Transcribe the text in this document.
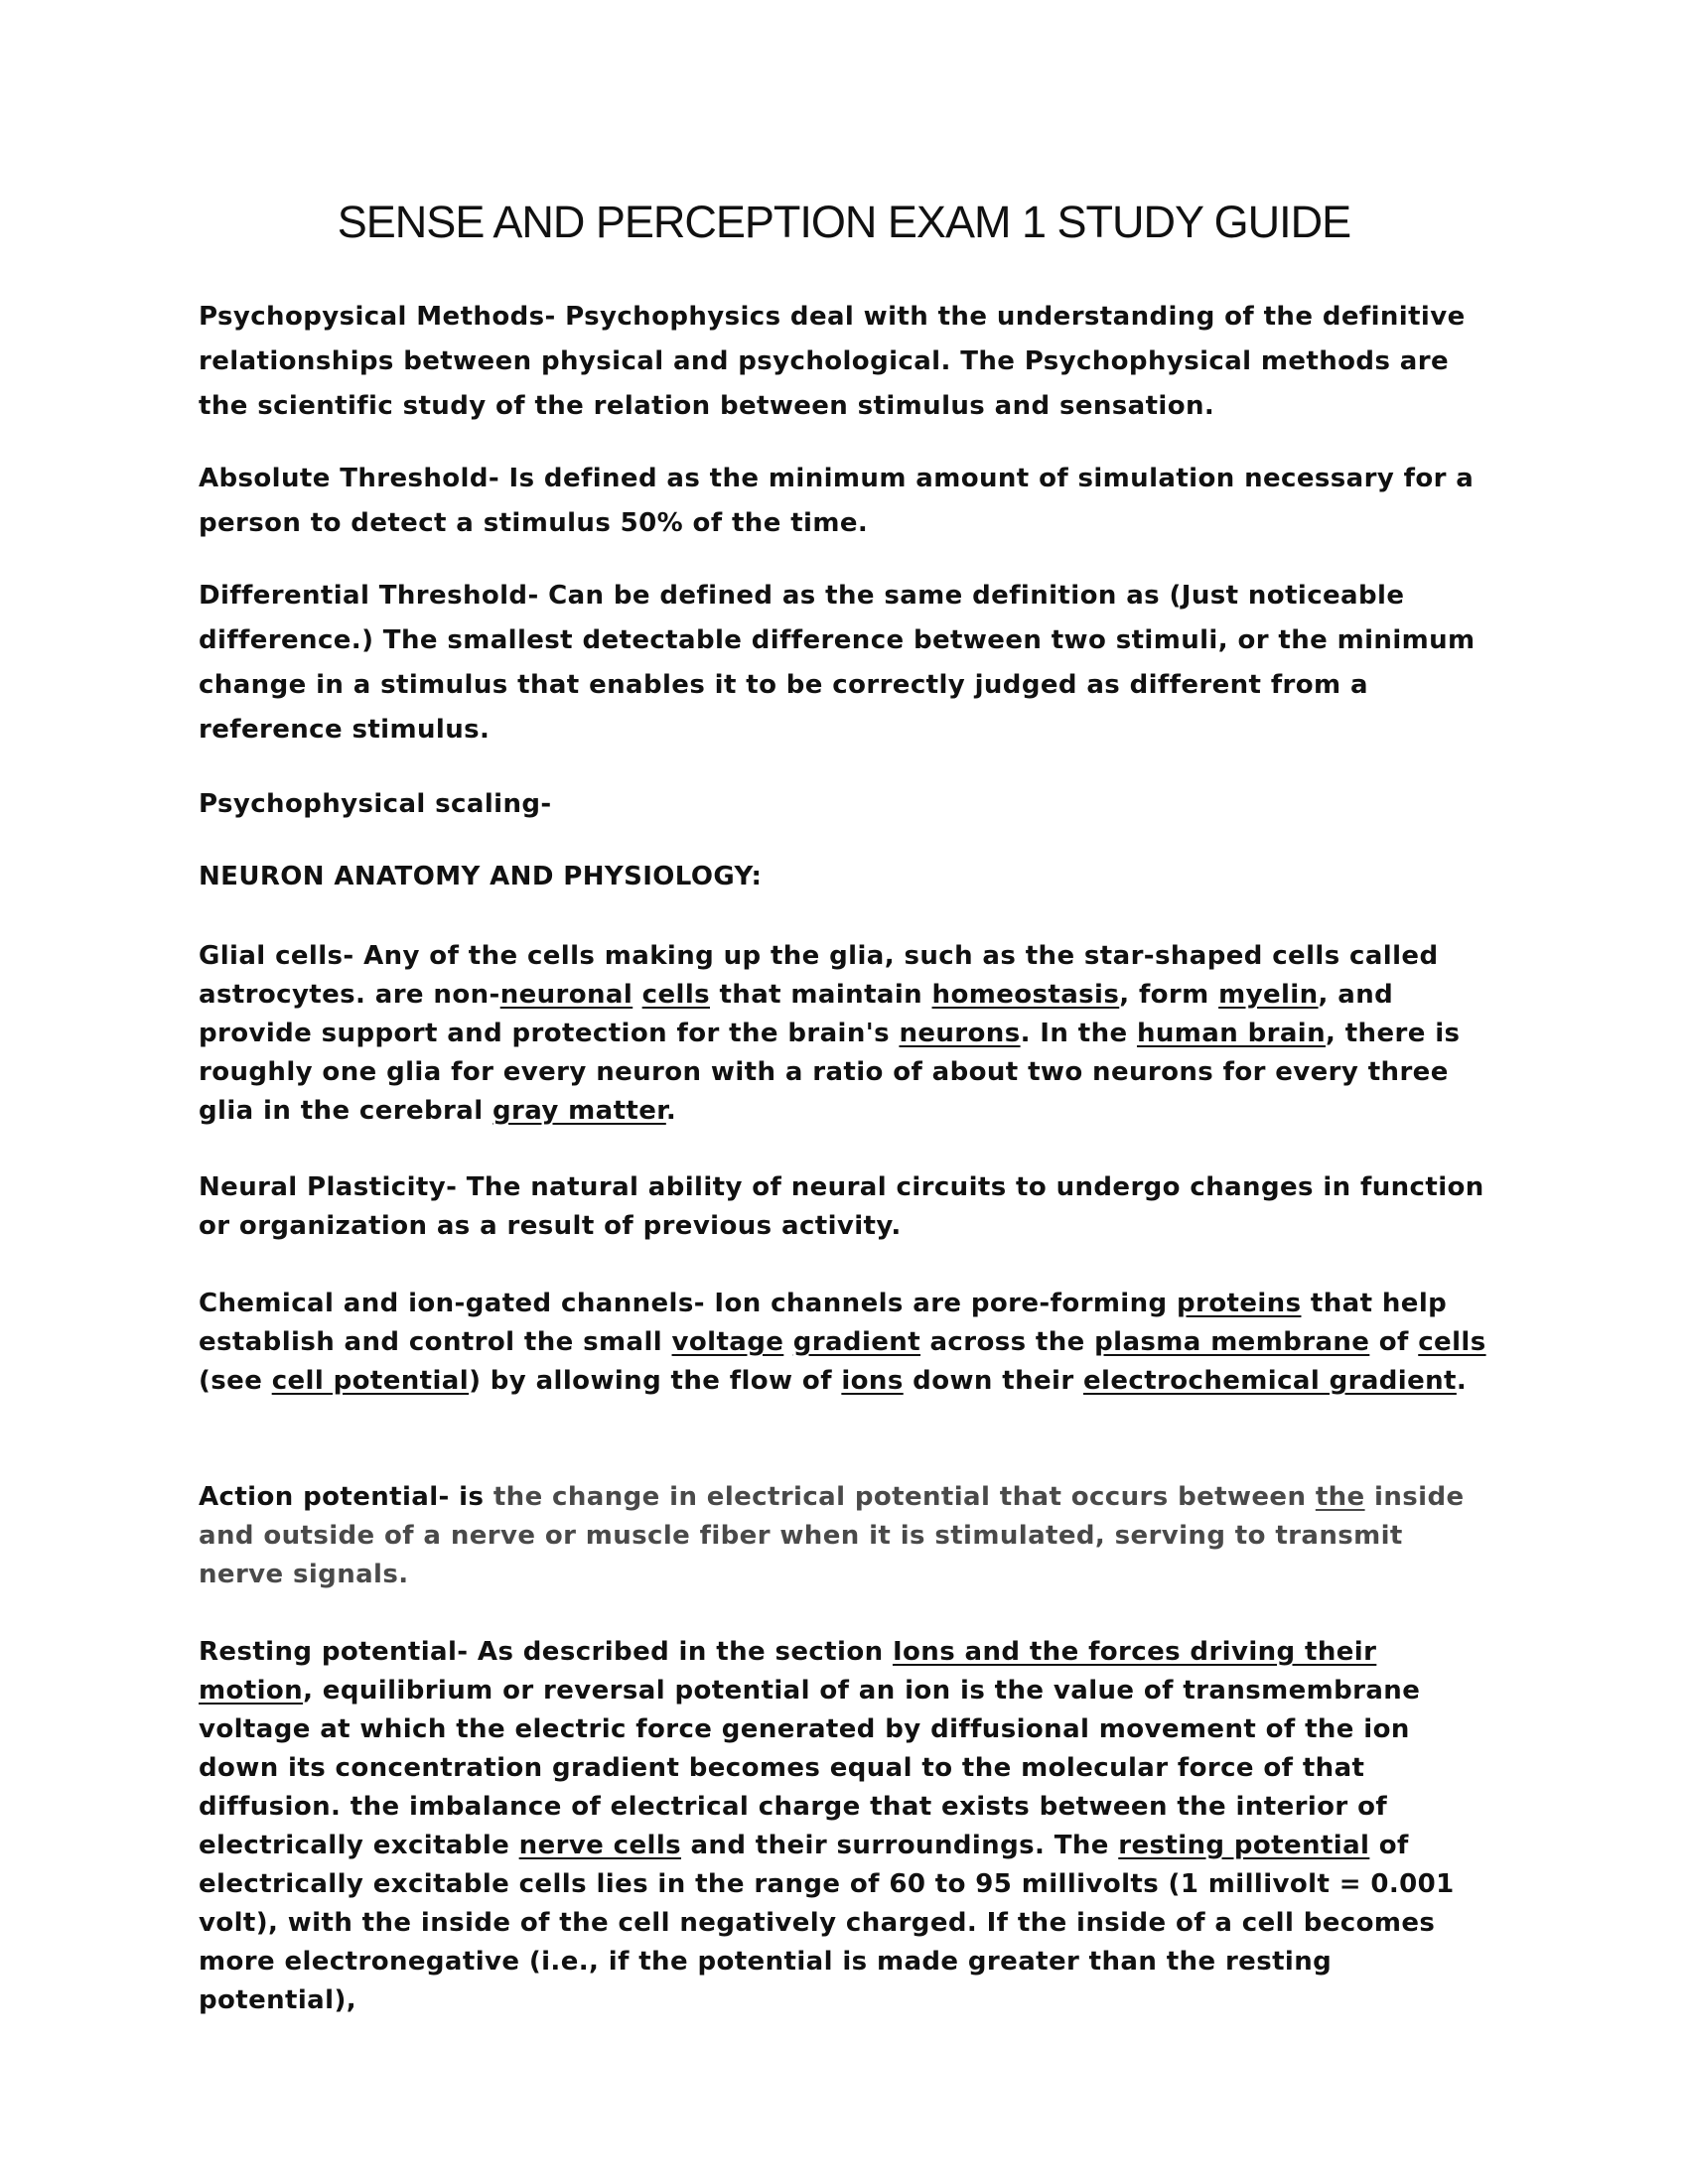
SENSE AND PERCEPTION EXAM 1 STUDY GUIDE

Psychopysical Methods- Psychophysics deal with the understanding of the definitive relationships between physical and psychological. The Psychophysical methods are the scientific study of the relation between stimulus and sensation.

Absolute Threshold- Is defined as the minimum amount of simulation necessary for a person to detect a stimulus 50% of the time.

Differential Threshold- Can be defined as the same definition as (Just noticeable difference.) The smallest detectable difference between two stimuli, or the minimum change in a stimulus that enables it to be correctly judged as different from a reference stimulus.

Psychophysical scaling-

NEURON ANATOMY AND PHYSIOLOGY:

Glial cells- Any of the cells making up the glia, such as the star-shaped cells called astrocytes. are non-neuronal cells that maintain homeostasis, form myelin, and provide support and protection for the brain's neurons. In the human brain, there is roughly one glia for every neuron with a ratio of about two neurons for every three glia in the cerebral gray matter.

Neural Plasticity- The natural ability of neural circuits to undergo changes in function or organization as a result of previous activity.

Chemical and ion-gated channels- Ion channels are pore-forming proteins that help establish and control the small voltage gradient across the plasma membrane of cells (see cell potential) by allowing the flow of ions down their electrochemical gradient.

Action potential- is the change in electrical potential that occurs between the inside and outside of a nerve or muscle fiber when it is stimulated, serving to transmit nerve signals.

Resting potential- As described in the section Ions and the forces driving their motion, equilibrium or reversal potential of an ion is the value of transmembrane voltage at which the electric force generated by diffusional movement of the ion down its concentration gradient becomes equal to the molecular force of that diffusion. the imbalance of electrical charge that exists between the interior of electrically excitable nerve cells and their surroundings. The resting potential of electrically excitable cells lies in the range of 60 to 95 millivolts (1 millivolt = 0.001 volt), with the inside of the cell negatively charged. If the inside of a cell becomes more electronegative (i.e., if the potential is made greater than the resting potential),
